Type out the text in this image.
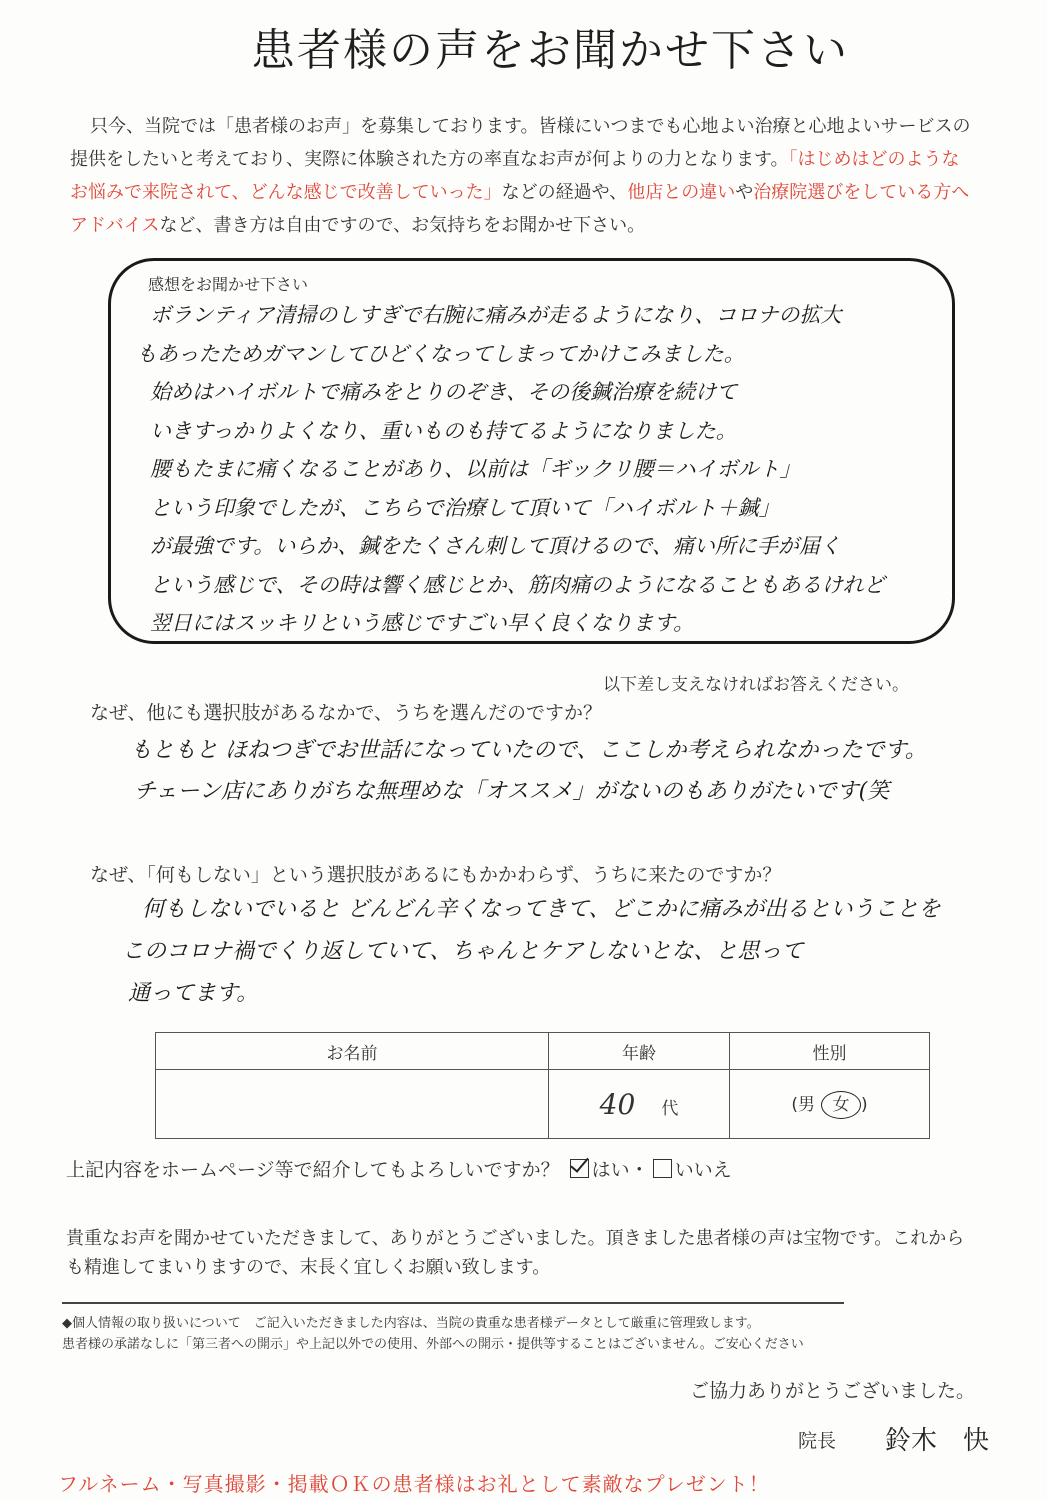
患者様の声をお聞かせ下さい
只今、当院では「患者様のお声」を募集しております。皆様にいつまでも心地よい治療と心地よいサービスの
提供をしたいと考えており、実際に体験された方の率直なお声が何よりの力となります。「はじめはどのような
お悩みで来院されて、どんな感じで改善していった」などの経過や、他店との違いや治療院選びをしている方へ
アドバイスなど、書き方は自由ですので、お気持ちをお聞かせ下さい。
感想をお聞かせ下さい
ボランティア清掃のしすぎで右腕に痛みが走るようになり、コロナの拡大
もあったためガマンしてひどくなってしまってかけこみました。
始めはハイボルトで痛みをとりのぞき、その後鍼治療を続けて
いきすっかりよくなり、重いものも持てるようになりました。
腰もたまに痛くなることがあり、以前は「ギックリ腰＝ハイボルト」
という印象でしたが、こちらで治療して頂いて「ハイボルト＋鍼」
が最強です。いらか、鍼をたくさん刺して頂けるので、痛い所に手が届く
という感じで、その時は響く感じとか、筋肉痛のようになることもあるけれど
翌日にはスッキリという感じですごい早く良くなります。
以下差し支えなければお答えください。
なぜ、他にも選択肢があるなかで、うちを選んだのですか？
もともと ほねつぎでお世話になっていたので、ここしか考えられなかったです。
チェーン店にありがちな無理めな「オススメ」がないのもありがたいです(笑
なぜ、「何もしない」という選択肢があるにもかかわらず、うちに来たのですか？
何もしないでいると どんどん辛くなってきて、どこかに痛みが出るということを
このコロナ禍でくり返していて、ちゃんとケアしないとな、と思って
通ってます。
お名前	年齢	性別
	40 代	(男 女 )
上記内容をホームページ等で紹介してもよろしいですか？ はい・ いいえ
貴重なお声を聞かせていただきまして、ありがとうございました。頂きました患者様の声は宝物です。これから
も精進してまいりますので、末長く宜しくお願い致します。
◆個人情報の取り扱いについて　ご記入いただきました内容は、当院の貴重な患者様データとして厳重に管理致します。
患者様の承諾なしに「第三者への開示」や上記以外での使用、外部への開示・提供等することはございません。ご安心ください
ご協力ありがとうございました。
院長 鈴木　快
フルネーム・写真撮影・掲載ＯＫの患者様はお礼として素敵なプレゼント！
